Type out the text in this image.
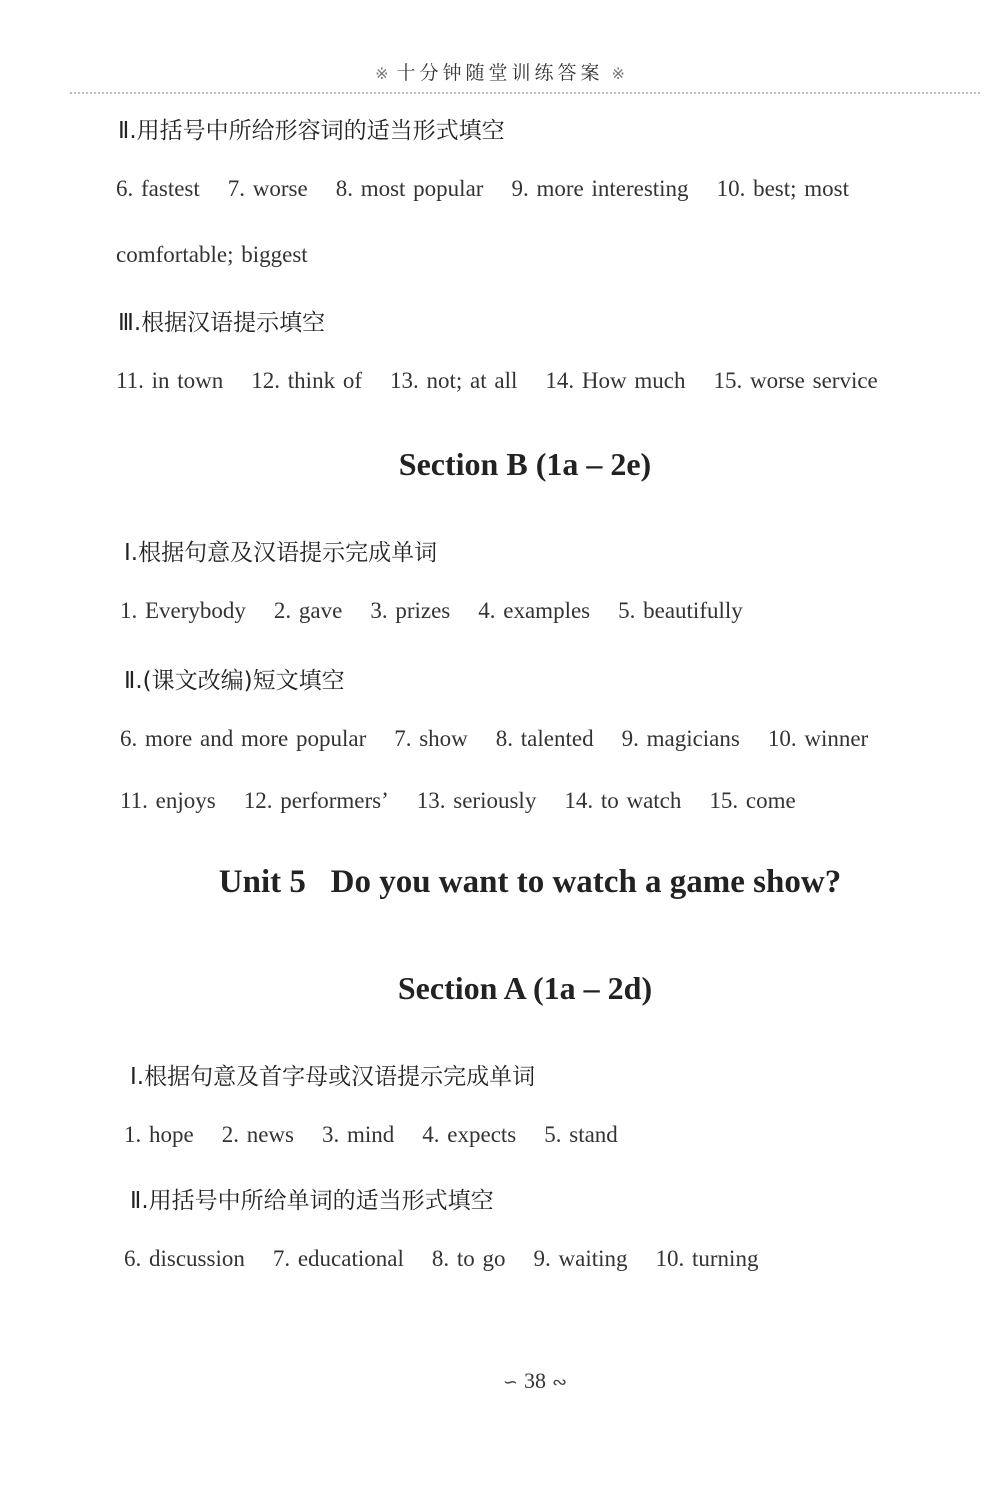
※ 十分钟随堂训练答案 ※
Ⅱ.用括号中所给形容词的适当形式填空
6. fastest 7. worse 8. most popular 9. more interesting 10. best; most
comfortable; biggest
Ⅲ.根据汉语提示填空
11. in town 12. think of 13. not; at all 14. How much 15. worse service
Section B (1a – 2e)
Ⅰ.根据句意及汉语提示完成单词
1. Everybody 2. gave 3. prizes 4. examples 5. beautifully
Ⅱ.(课文改编)短文填空
6. more and more popular 7. show 8. talented 9. magicians 10. winner
11. enjoys 12. performers’ 13. seriously 14. to watch 15. come
Unit 5   Do you want to watch a game show?
Section A (1a – 2d)
Ⅰ.根据句意及首字母或汉语提示完成单词
1. hope 2. news 3. mind 4. expects 5. stand
Ⅱ.用括号中所给单词的适当形式填空
6. discussion 7. educational 8. to go 9. waiting 10. turning
∽ 38 ∾
